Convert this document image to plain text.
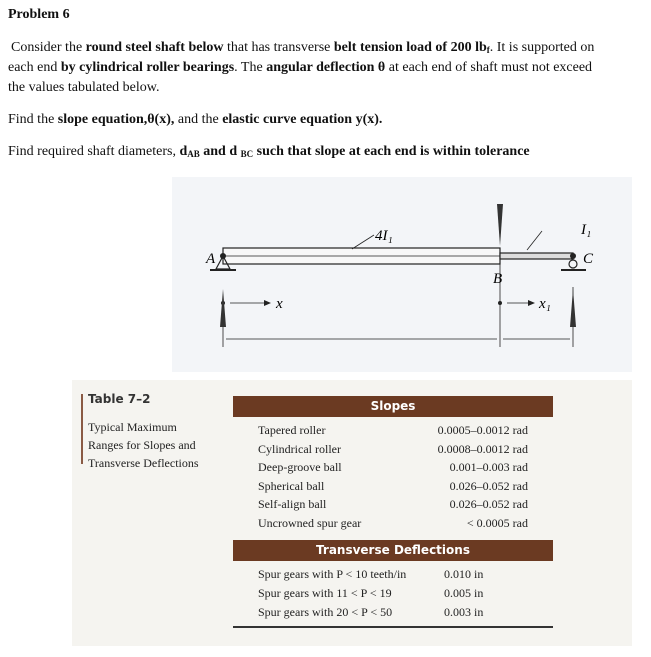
Problem 6
Consider the round steel shaft below that has transverse belt tension load of 200 $lb_f$. It is supported on
each end by cylindrical roller bearings. The angular deflection θ at each end of shaft must not exceed
the values tabulated below.
Find the slope equation,θ(x), and the elastic curve equation y(x).
Find required shaft diameters, $d_{AB}$ and d $_{BC}$ such that slope at each end is within tolerance
A
B
C
4I₁	I₁
x	x₁
Table 7–2
Typical Maximum
Ranges for Slopes and
Transverse Deflections
Slopes
Tapered roller	0.0005–0.0012 rad
Cylindrical roller	0.0008–0.0012 rad
Deep-groove ball	0.001–0.003 rad
Spherical ball	0.026–0.052 rad
Self-align ball	0.026–0.052 rad
Uncrowned spur gear	< 0.0005 rad
Transverse Deflections
Spur gears with P < 10 teeth/in	0.010 in
Spur gears with 11 < P < 19	0.005 in
Spur gears with 20 < P < 50	0.003 in
